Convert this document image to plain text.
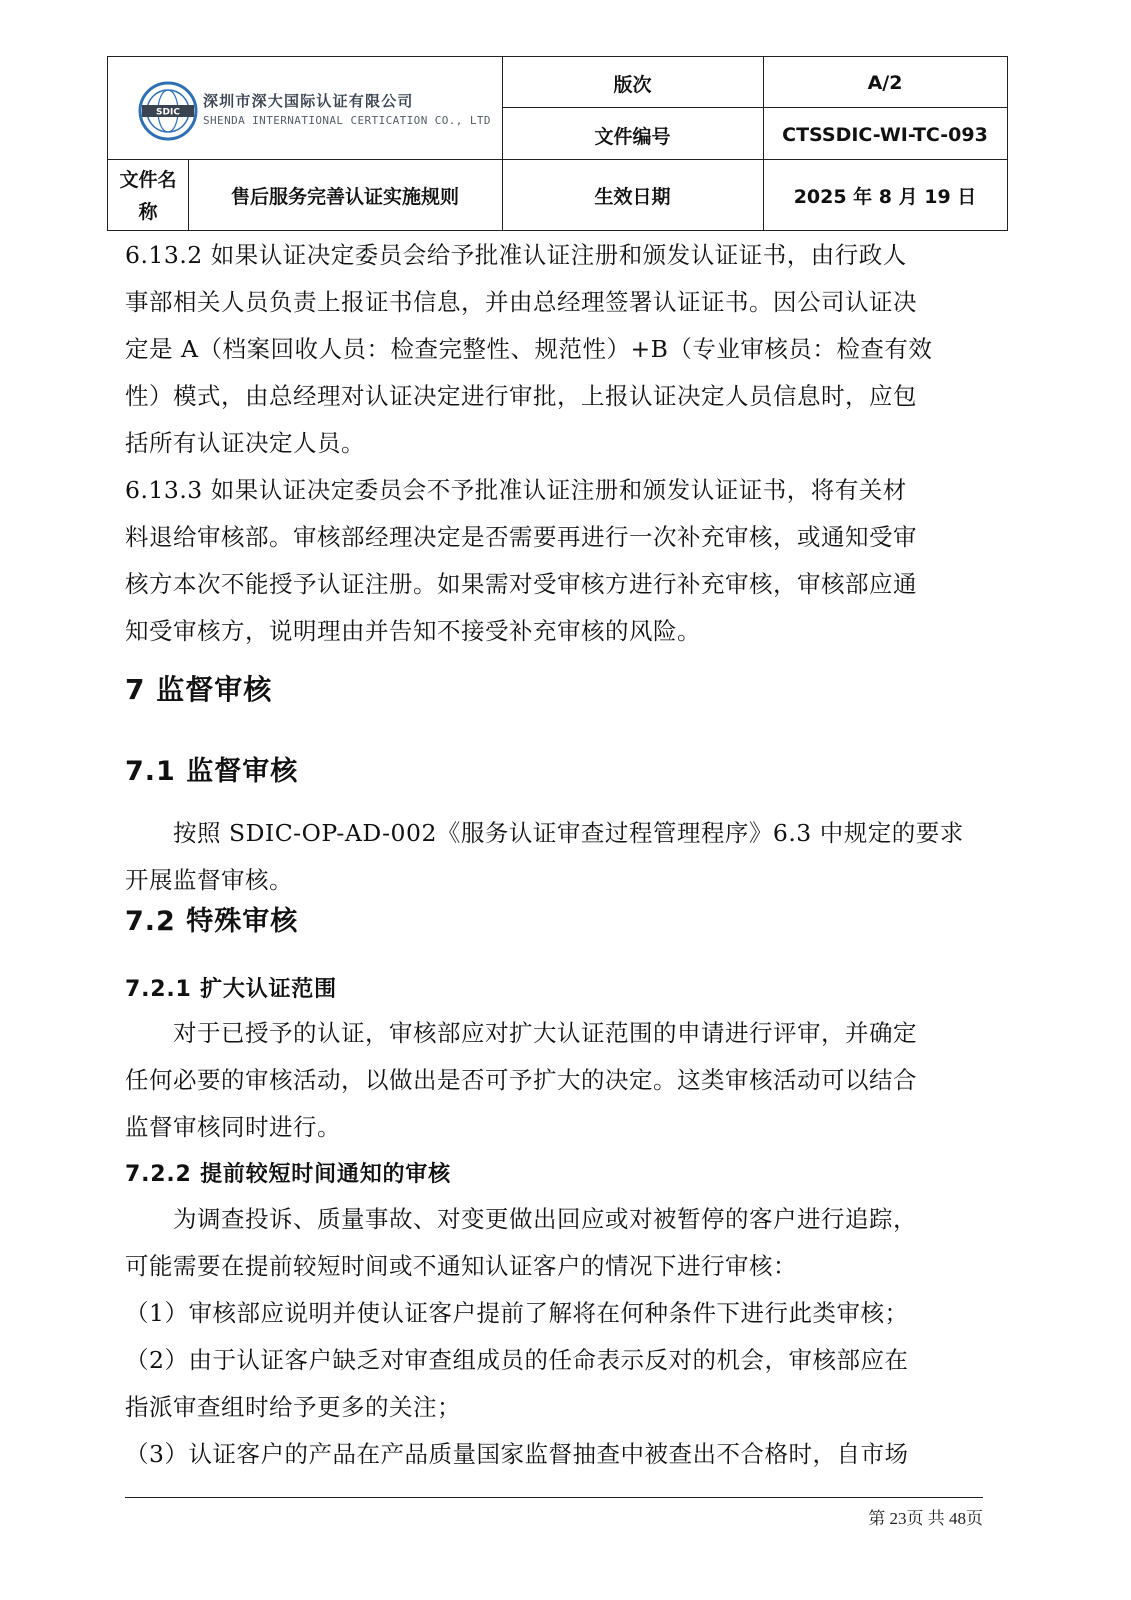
SDIC
深圳市深大国际认证有限公司
SHENDA INTERNATIONAL CERTICATION CO., LTD
版次	A/2
文件编号	CTSSDIC-WI-TC-093
文件名
称
售后服务完善认证实施规则	生效日期	2025 年 8 月 19 日
6.13.2 如果认证决定委员会给予批准认证注册和颁发认证证书，由行政人
事部相关人员负责上报证书信息，并由总经理签署认证证书。因公司认证决
定是 A（档案回收人员：检查完整性、规范性）+B（专业审核员：检查有效
性）模式，由总经理对认证决定进行审批，上报认证决定人员信息时，应包
括所有认证决定人员。
6.13.3 如果认证决定委员会不予批准认证注册和颁发认证证书，将有关材
料退给审核部。审核部经理决定是否需要再进行一次补充审核，或通知受审
核方本次不能授予认证注册。如果需对受审核方进行补充审核，审核部应通
知受审核方，说明理由并告知不接受补充审核的风险。
7 监督审核
7.1 监督审核
　　按照 SDIC-OP-AD-002《服务认证审查过程管理程序》6.3 中规定的要求
开展监督审核。
7.2 特殊审核
7.2.1 扩大认证范围
　　对于已授予的认证，审核部应对扩大认证范围的申请进行评审，并确定
任何必要的审核活动，以做出是否可予扩大的决定。这类审核活动可以结合
监督审核同时进行。
7.2.2 提前较短时间通知的审核
　　为调查投诉、质量事故、对变更做出回应或对被暂停的客户进行追踪，
可能需要在提前较短时间或不通知认证客户的情况下进行审核：
（1）审核部应说明并使认证客户提前了解将在何种条件下进行此类审核；
（2）由于认证客户缺乏对审查组成员的任命表示反对的机会，审核部应在
指派审查组时给予更多的关注；
（3）认证客户的产品在产品质量国家监督抽查中被查出不合格时，自市场
第 23页 共 48页
